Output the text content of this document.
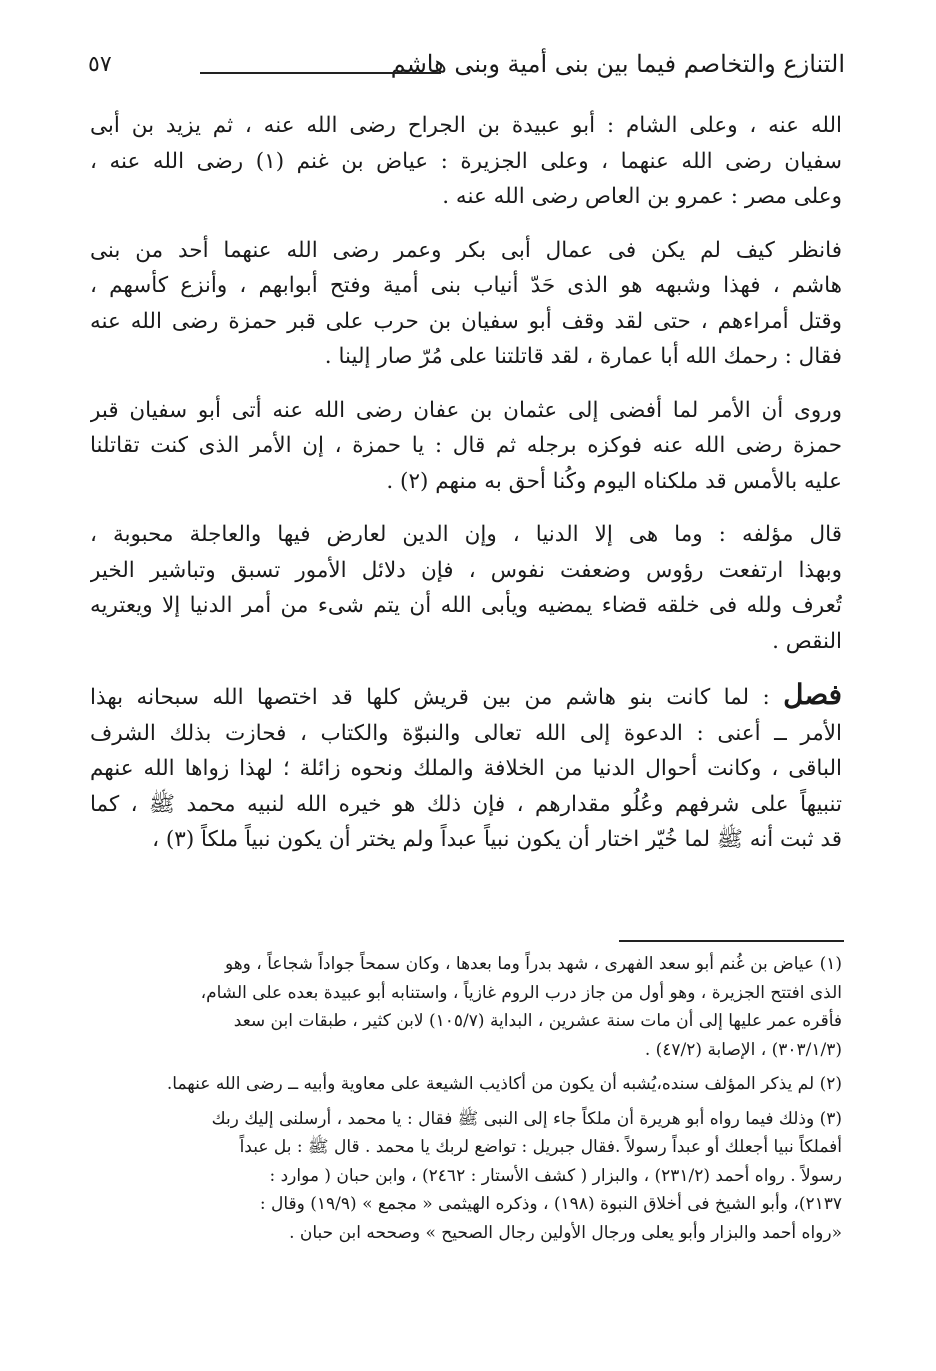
التنازع والتخاصم فيما بين بنى أمية وبنى هاشم
٥٧
الله عنه ، وعلى الشام : أبو عبيدة بن الجراح رضى الله عنه ، ثم يزيد بن أبى
سفيان رضى الله عنهما ، وعلى الجزيرة : عياض بن غنم (١) رضى الله عنه ،
وعلى مصر : عمرو بن العاص رضى الله عنه .
فانظر كيف لم يكن فى عمال أبى بكر وعمر رضى الله عنهما أحد من بنى
هاشم ، فهذا وشبهه هو الذى حَدّ أنياب بنى أمية وفتح أبوابهم ، وأنزع كأسهم ،
وقتل أمراءهم ، حتى لقد وقف أبو سفيان بن حرب على قبر حمزة رضى الله عنه
فقال : رحمك الله أبا عمارة ، لقد قاتلتنا على مُرّ صار إلينا .
وروى أن الأمر لما أفضى إلى عثمان بن عفان رضى الله عنه أتى أبو سفيان قبر
حمزة رضى الله عنه فوكزه برجله ثم قال : يا حمزة ، إن الأمر الذى كنت تقاتلنا
عليه بالأمس قد ملكناه اليوم وكُنا أحق به منهم (٢) .
قال مؤلفه : وما هى إلا الدنيا ، وإن الدين لعارض فيها والعاجلة محبوبة ،
وبهذا ارتفعت رؤوس وضعفت نفوس ، فإن دلائل الأمور تسبق وتباشير الخير
تُعرف ولله فى خلقه قضاء يمضيه ويأبى الله أن يتم شىء من أمر الدنيا إلا ويعتريه
النقص .
فصل : لما كانت بنو هاشم من بين قريش كلها قد اختصها الله سبحانه بهذا
الأمر ــ أعنى : الدعوة إلى الله تعالى والنبوّة والكتاب ، فحازت بذلك الشرف
الباقى ، وكانت أحوال الدنيا من الخلافة والملك ونحوه زائلة ؛ لهذا زواها الله عنهم
تنبيهاً على شرفهم وعُلُو مقدارهم ، فإن ذلك هو خيره الله لنبيه محمد ﷺ ، كما
قد ثبت أنه ﷺ لما خُيّر اختار أن يكون نبياً عبداً ولم يختر أن يكون نبياً ملكاً (٣) ،
(١) عياض بن غُنم أبو سعد الفهرى ، شهد بدراً وما بعدها ، وكان سمحاً جواداً شجاعاً ، وهو
الذى افتتح الجزيرة ، وهو أول من جاز درب الروم غازياً ، واستنابه أبو عبيدة بعده على الشام،
فأقره عمر عليها إلى أن مات سنة عشرين ، البداية (١٠٥/٧) لابن كثير ، طبقات ابن سعد
(٣٠٣/١/٣) ، الإصابة (٤٧/٢) .
(٢) لم يذكر المؤلف سنده،يُشبه أن يكون من أكاذيب الشيعة على معاوية وأبيه ــ رضى الله عنهما.
(٣) وذلك فيما رواه أبو هريرة أن ملكاً جاء إلى النبى ﷺ فقال : يا محمد ، أرسلنى إليك ربك
أفملكاً نبيا أجعلك أو عبداً رسولاً .فقال جبريل : تواضع لربك يا محمد . قال ﷺ : بل عبداً
رسولاً . رواه أحمد (٢٣١/٢) ، والبزار ( كشف الأستار : ٢٤٦٢) ، وابن حبان ( موارد :
٢١٣٧)، وأبو الشيخ فى أخلاق النبوة (١٩٨) ، وذكره الهيثمى « مجمع » (١٩/٩) وقال :
«رواه أحمد والبزار وأبو يعلى ورجال الأولين رجال الصحيح » وصححه ابن حبان .
